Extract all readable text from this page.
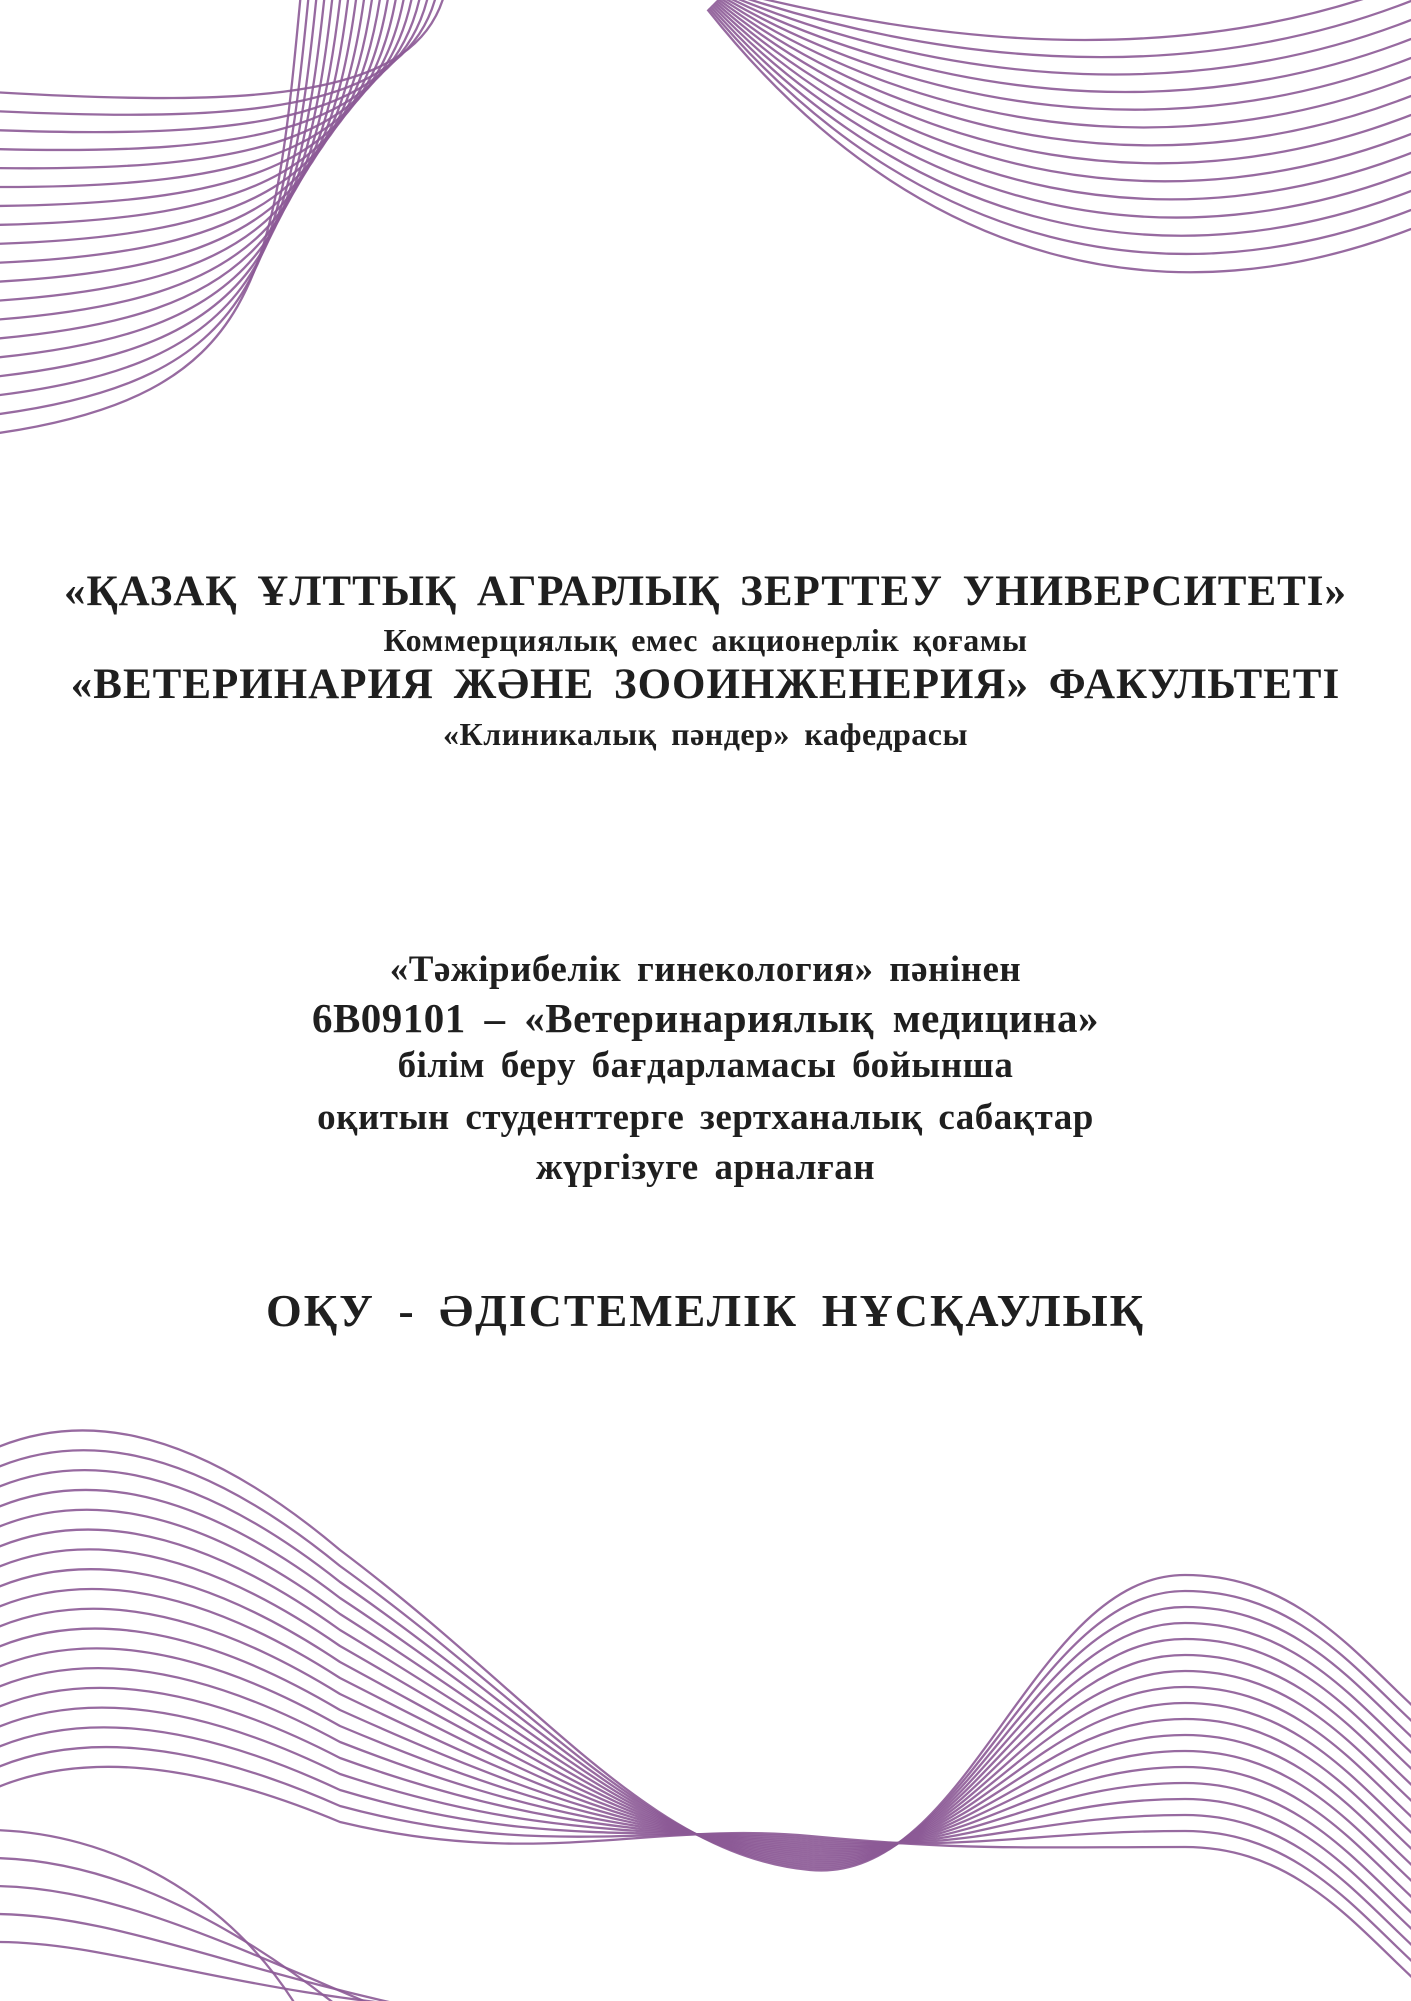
«ҚАЗАҚ ҰЛТТЫҚ АГРАРЛЫҚ ЗЕРТТЕУ УНИВЕРСИТЕТІ»
Коммерциялық емес акционерлік қоғамы
«ВЕТЕРИНАРИЯ ЖӘНЕ ЗООИНЖЕНЕРИЯ» ФАКУЛЬТЕТІ
«Клиникалық пәндер» кафедрасы
«Тәжірибелік гинекология» пәнінен
6В09101 – «Ветеринариялық медицина»
білім беру бағдарламасы бойынша
оқитын студенттерге зертханалық сабақтар
жүргізуге арналған
ОҚУ - ӘДІСТЕМЕЛІК НҰСҚАУЛЫҚ
